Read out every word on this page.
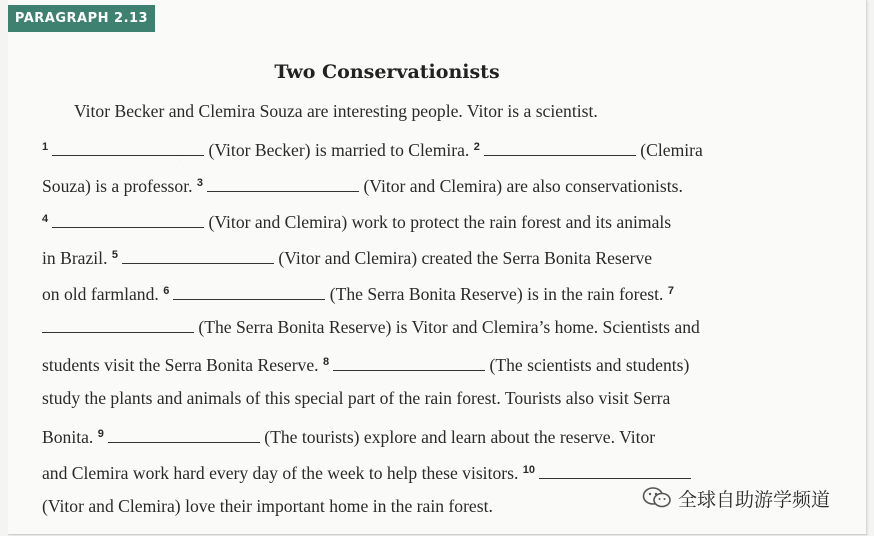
PARAGRAPH 2.13
Two Conservationists
Vitor Becker and Clemira Souza are interesting people. Vitor is a scientist.
$^1$	(Vitor Becker) is married to Clemira. $^2$	(Clemira
Souza) is a professor. $^3$	(Vitor and Clemira) are also conservationists.
$^4$	(Vitor and Clemira) work to protect the rain forest and its animals
in Brazil. $^5$	(Vitor and Clemira) created the Serra Bonita Reserve
on old farmland. $^6$	(The Serra Bonita Reserve) is in the rain forest. $^7$
(The Serra Bonita Reserve) is Vitor and Clemira’s home. Scientists and
students visit the Serra Bonita Reserve. $^8$	(The scientists and students)
study the plants and animals of this special part of the rain forest. Tourists also visit Serra
Bonita. $^9$	(The tourists) explore and learn about the reserve. Vitor
and Clemira work hard every day of the week to help these visitors. $^{10}$
(Vitor and Clemira) love their important home in the rain forest.	全球自助游学频道
